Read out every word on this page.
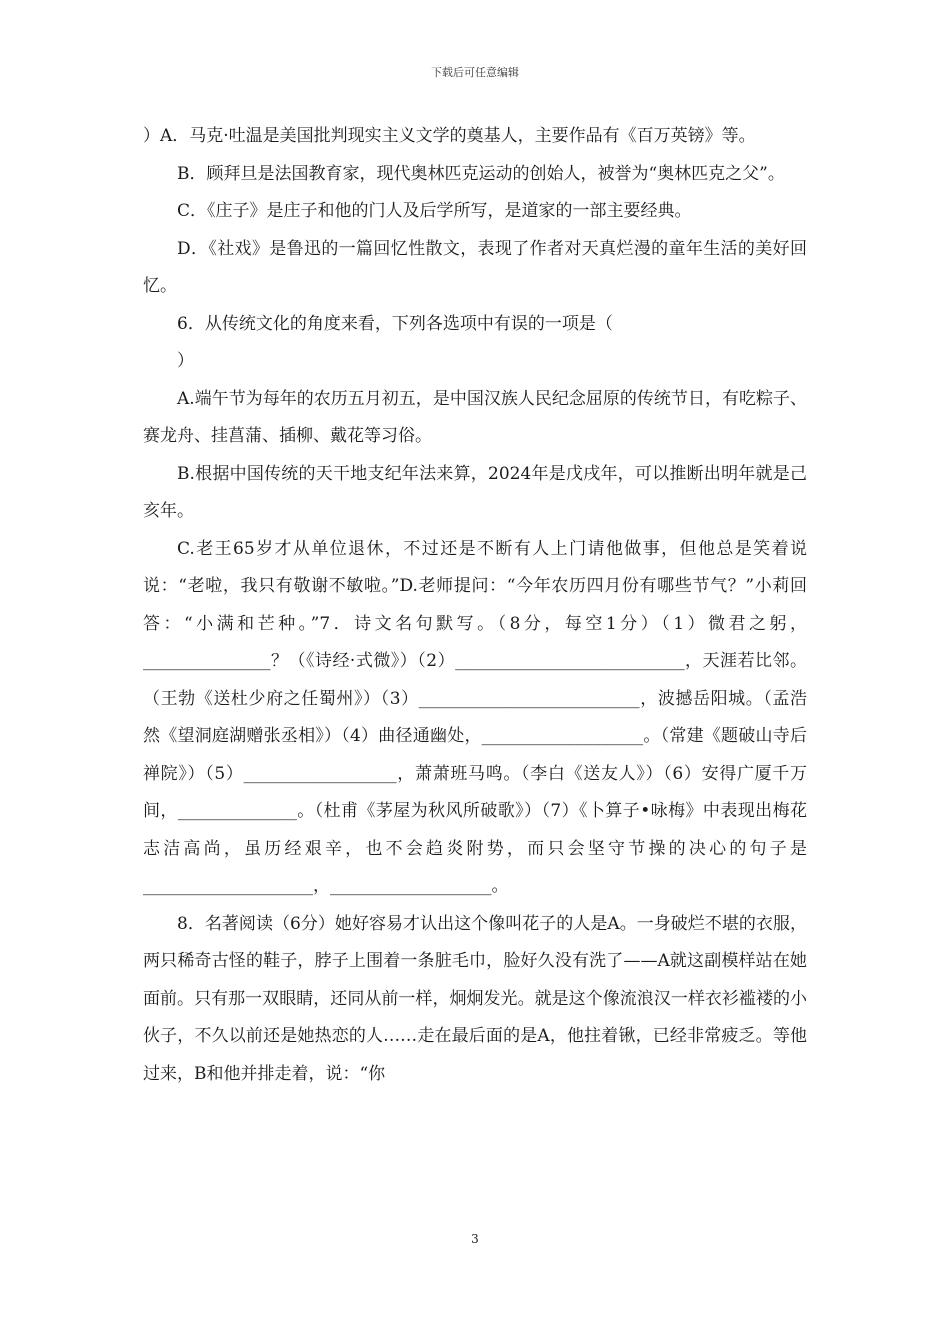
下载后可任意编辑

）A．马克·吐温是美国批判现实主义文学的奠基人，主要作品有《百万英镑》等。

B．顾拜旦是法国教育家，现代奥林匹克运动的创始人，被誉为“奥林匹克之父”。

C．《庄子》是庄子和他的门人及后学所写，是道家的一部主要经典。

D．《社戏》是鲁迅的一篇回忆性散文，表现了作者对天真烂漫的童年生活的美好回忆。

6．从传统文化的角度来看，下列各选项中有误的一项是（

）

A.端午节为每年的农历五月初五，是中国汉族人民纪念屈原的传统节日，有吃粽子、赛龙舟、挂菖蒲、插柳、戴花等习俗。

B.根据中国传统的天干地支纪年法来算，2024年是戊戌年，可以推断出明年就是己亥年。

C.老王65岁才从单位退休，不过还是不断有人上门请他做事，但他总是笑着说说：“老啦，我只有敬谢不敏啦。”D.老师提问：“今年农历四月份有哪些节气？”小莉回答：“小满和芒种。”7．诗文名句默写。（8分，每空1分）（1）微君之躬，_______________？（《诗经·式微》）（2）___________________________，天涯若比邻。（王勃《送杜少府之任蜀州》）（3）__________________________，波撼岳阳城。（孟浩然《望洞庭湖赠张丞相》）（4）曲径通幽处，___________________。（常建《题破山寺后禅院》）（5）__________________，萧萧班马鸣。（李白《送友人》）（6）安得广厦千万间，______________。（杜甫《茅屋为秋风所破歌》）（7）《卜算子•咏梅》中表现出梅花志洁高尚，虽历经艰辛，也不会趋炎附势，而只会坚守节操的决心的句子是____________________，___________________。

8．名著阅读（6分）她好容易才认出这个像叫花子的人是A。一身破烂不堪的衣服，两只稀奇古怪的鞋子，脖子上围着一条脏毛巾，脸好久没有洗了——A就这副模样站在她面前。只有那一双眼睛，还同从前一样，炯炯发光。就是这个像流浪汉一样衣衫褴褛的小伙子，不久以前还是她热恋的人……走在最后面的是A，他拄着锹，已经非常疲乏。等他过来，B和他并排走着，说：“你

3
